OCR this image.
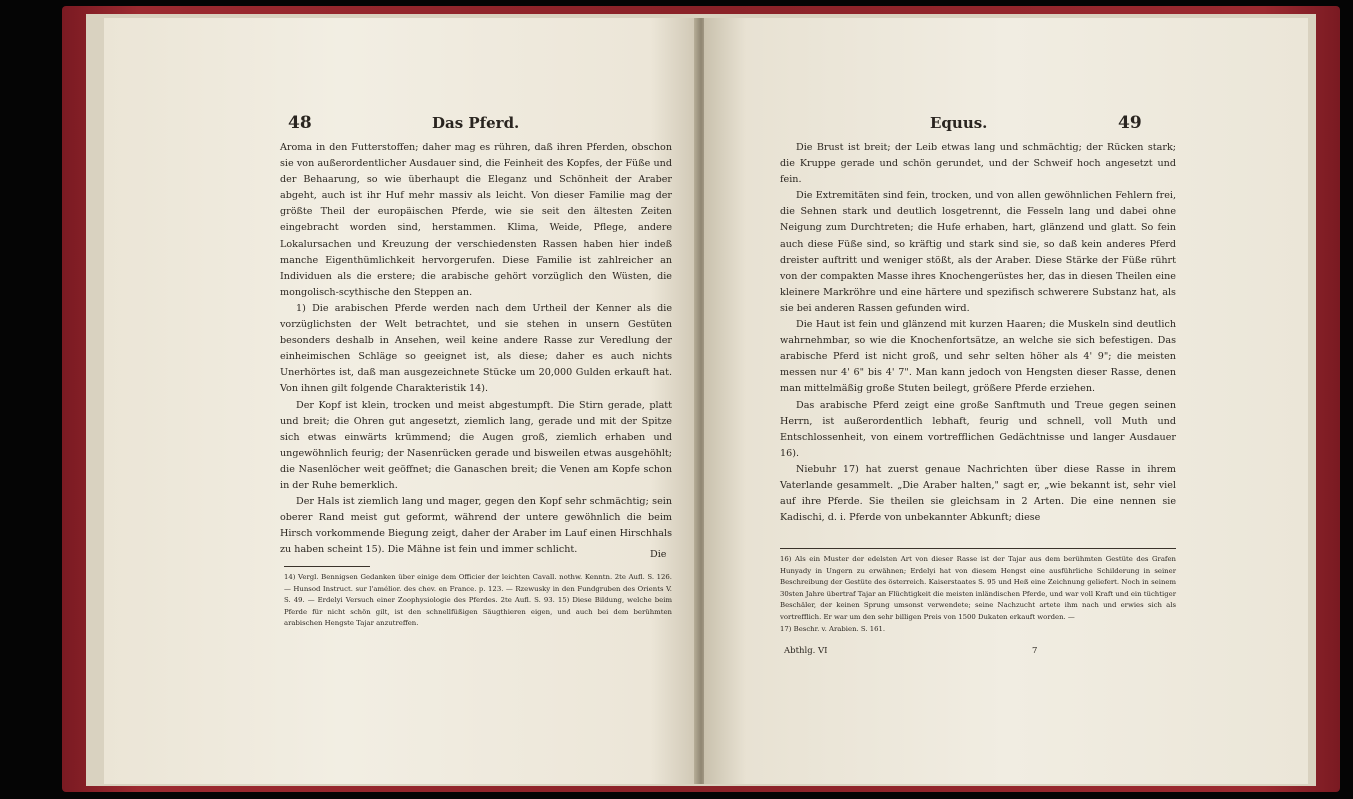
48	Das Pferd.

Aroma in den Futterstoffen; daher mag es rühren, daß ihren Pferden, obschon sie von außerordentlicher Ausdauer sind, die Feinheit des Kopfes, der Füße und der Behaarung, so wie überhaupt die Eleganz und Schönheit der Araber abgeht, auch ist ihr Huf mehr massiv als leicht. Von dieser Familie mag der größte Theil der europäischen Pferde, wie sie seit den ältesten Zeiten eingebracht worden sind, herstammen. Klima, Weide, Pflege, andere Lokalursachen und Kreuzung der verschiedensten Rassen haben hier indeß manche Eigenthümlichkeit hervorgerufen. Diese Familie ist zahlreicher an Individuen als die erstere; die arabische gehört vorzüglich den Wüsten, die mongolisch-scythische den Steppen an.

1) Die arabischen Pferde werden nach dem Urtheil der Kenner als die vorzüglichsten der Welt betrachtet, und sie stehen in unsern Gestüten besonders deshalb in Ansehen, weil keine andere Rasse zur Veredlung der einheimischen Schläge so geeignet ist, als diese; daher es auch nichts Unerhörtes ist, daß man ausgezeichnete Stücke um 20,000 Gulden erkauft hat. Von ihnen gilt folgende Charakteristik 14).

Der Kopf ist klein, trocken und meist abgestumpft. Die Stirn gerade, platt und breit; die Ohren gut angesetzt, ziemlich lang, gerade und mit der Spitze sich etwas einwärts krümmend; die Augen groß, ziemlich erhaben und ungewöhnlich feurig; der Nasenrücken gerade und bisweilen etwas ausgehöhlt; die Nasenlöcher weit geöffnet; die Ganaschen breit; die Venen am Kopfe schon in der Ruhe bemerklich.

Der Hals ist ziemlich lang und mager, gegen den Kopf sehr schmächtig; sein oberer Rand meist gut geformt, während der untere gewöhnlich die beim Hirsch vorkommende Biegung zeigt, daher der Araber im Lauf einen Hirschhals zu haben scheint 15). Die Mähne ist fein und immer schlicht.	Die

14) Vergl. Bennigsen Gedanken über einige dem Officier der leichten Cavall. nothw. Kenntn. 2te Aufl. S. 126. — Hunsod Instruct. sur l'amélior. des chev. en France. p. 123. — Rzewusky in den Fundgruben des Orients V. S. 49. — Erdelyi Versuch einer Zoophysiologie des Pferdes. 2te Aufl. S. 93. 15) Diese Bildung, welche beim Pferde für nicht schön gilt, ist den schnellfüßigen Säugthieren eigen, und auch bei dem berühmten arabischen Hengste Tajar anzutreffen.

Equus.	49

Die Brust ist breit; der Leib etwas lang und schmächtig; der Rücken stark; die Kruppe gerade und schön gerundet, und der Schweif hoch angesetzt und fein.

Die Extremitäten sind fein, trocken, und von allen gewöhnlichen Fehlern frei, die Sehnen stark und deutlich losgetrennt, die Fesseln lang und dabei ohne Neigung zum Durchtreten; die Hufe erhaben, hart, glänzend und glatt. So fein auch diese Füße sind, so kräftig und stark sind sie, so daß kein anderes Pferd dreister auftritt und weniger stößt, als der Araber. Diese Stärke der Füße rührt von der compakten Masse ihres Knochengerüstes her, das in diesen Theilen eine kleinere Markröhre und eine härtere und spezifisch schwerere Substanz hat, als sie bei anderen Rassen gefunden wird.

Die Haut ist fein und glänzend mit kurzen Haaren; die Muskeln sind deutlich wahrnehmbar, so wie die Knochenfortsätze, an welche sie sich befestigen. Das arabische Pferd ist nicht groß, und sehr selten höher als 4' 9"; die meisten messen nur 4' 6" bis 4' 7". Man kann jedoch von Hengsten dieser Rasse, denen man mittelmäßig große Stuten beilegt, größere Pferde erziehen.

Das arabische Pferd zeigt eine große Sanftmuth und Treue gegen seinen Herrn, ist außerordentlich lebhaft, feurig und schnell, voll Muth und Entschlossenheit, von einem vortrefflichen Gedächtnisse und langer Ausdauer 16).

Niebuhr 17) hat zuerst genaue Nachrichten über diese Rasse in ihrem Vaterlande gesammelt. „Die Araber halten," sagt er, „wie bekannt ist, sehr viel auf ihre Pferde. Sie theilen sie gleichsam in 2 Arten. Die eine nennen sie Kadischi, d. i. Pferde von unbekannter Abkunft; diese

16) Als ein Muster der edelsten Art von dieser Rasse ist der Tajar aus dem berühmten Gestüte des Grafen Hunyady in Ungern zu erwähnen; Erdelyi hat von diesem Hengst eine ausführliche Schilderung in seiner Beschreibung der Gestüte des österreich. Kaiserstaates S. 95 und Heß eine Zeichnung geliefert. Noch in seinem 30sten Jahre übertraf Tajar an Flüchtigkeit die meisten inländischen Pferde, und war voll Kraft und ein tüchtiger Beschäler, der keinen Sprung umsonst verwendete; seine Nachzucht artete ihm nach und erwies sich als vortrefflich. Er war um den sehr billigen Preis von 1500 Dukaten erkauft worden. —

17) Beschr. v. Arabien. S. 161.

Abthlg. VI	7
